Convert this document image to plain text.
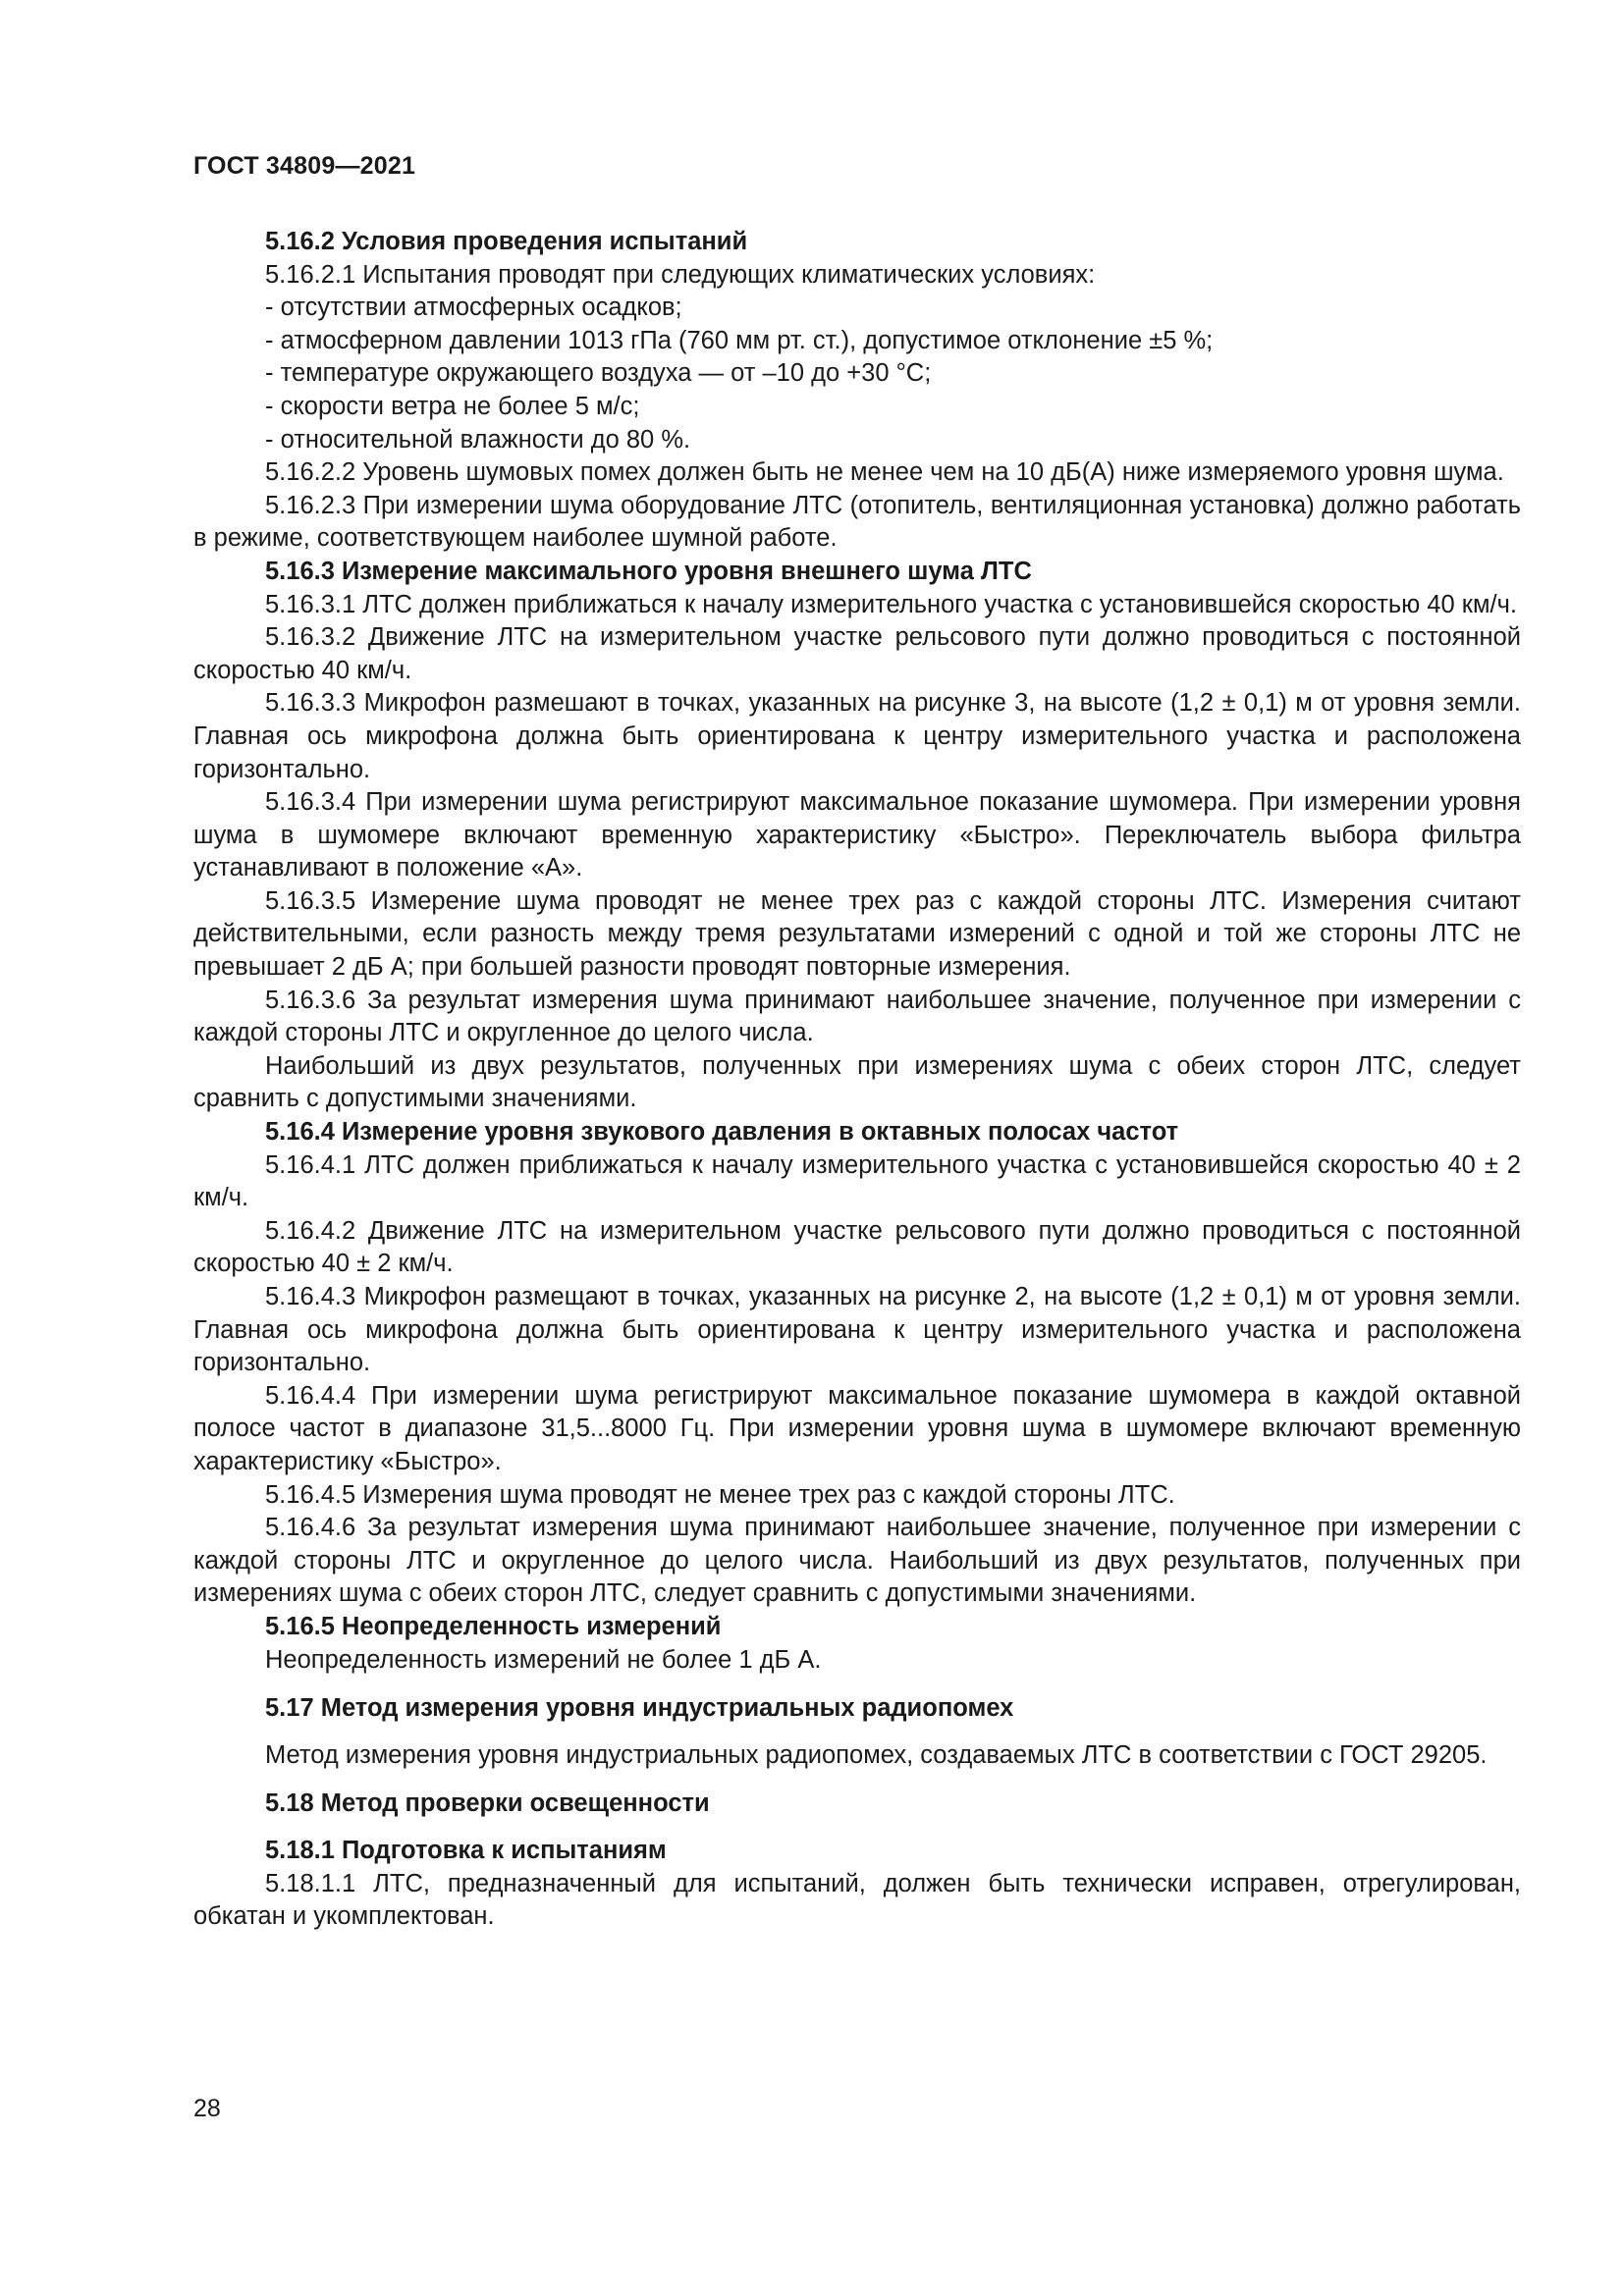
ГОСТ 34809—2021

5.16.2 Условия проведения испытаний

5.16.2.1 Испытания проводят при следующих климатических условиях:

- отсутствии атмосферных осадков;

- атмосферном давлении 1013 гПа (760 мм рт. ст.), допустимое отклонение ±5 %;

- температуре окружающего воздуха — от –10 до +30 °С;

- скорости ветра не более 5 м/с;

- относительной влажности до 80 %.

5.16.2.2 Уровень шумовых помех должен быть не менее чем на 10 дБ(А) ниже измеряемого уровня шума.

5.16.2.3 При измерении шума оборудование ЛТС (отопитель, вентиляционная установка) должно работать в режиме, соответствующем наиболее шумной работе.

5.16.3 Измерение максимального уровня внешнего шума ЛТС

5.16.3.1 ЛТС должен приближаться к началу измерительного участка с установившейся скоростью 40 км/ч.

5.16.3.2 Движение ЛТС на измерительном участке рельсового пути должно проводиться с постоянной скоростью 40 км/ч.

5.16.3.3 Микрофон размешают в точках, указанных на рисунке 3, на высоте (1,2 ± 0,1) м от уровня земли. Главная ось микрофона должна быть ориентирована к центру измерительного участка и расположена горизонтально.

5.16.3.4 При измерении шума регистрируют максимальное показание шумомера. При измерении уровня шума в шумомере включают временную характеристику «Быстро». Переключатель выбора фильтра устанавливают в положение «А».

5.16.3.5 Измерение шума проводят не менее трех раз с каждой стороны ЛТС. Измерения считают действительными, если разность между тремя результатами измерений с одной и той же стороны ЛТС не превышает 2 дБ А; при большей разности проводят повторные измерения.

5.16.3.6 За результат измерения шума принимают наибольшее значение, полученное при измерении с каждой стороны ЛТС и округленное до целого числа.

Наибольший из двух результатов, полученных при измерениях шума с обеих сторон ЛТС, следует сравнить с допустимыми значениями.

5.16.4 Измерение уровня звукового давления в октавных полосах частот

5.16.4.1 ЛТС должен приближаться к началу измерительного участка с установившейся скоростью 40 ± 2 км/ч.

5.16.4.2 Движение ЛТС на измерительном участке рельсового пути должно проводиться с постоянной скоростью 40 ± 2 км/ч.

5.16.4.3 Микрофон размещают в точках, указанных на рисунке 2, на высоте (1,2 ± 0,1) м от уровня земли. Главная ось микрофона должна быть ориентирована к центру измерительного участка и расположена горизонтально.

5.16.4.4 При измерении шума регистрируют максимальное показание шумомера в каждой октавной полосе частот в диапазоне 31,5...8000 Гц. При измерении уровня шума в шумомере включают временную характеристику «Быстро».

5.16.4.5 Измерения шума проводят не менее трех раз с каждой стороны ЛТС.

5.16.4.6 За результат измерения шума принимают наибольшее значение, полученное при измерении с каждой стороны ЛТС и округленное до целого числа. Наибольший из двух результатов, полученных при измерениях шума с обеих сторон ЛТС, следует сравнить с допустимыми значениями.

5.16.5 Неопределенность измерений

Неопределенность измерений не более 1 дБ А.

5.17 Метод измерения уровня индустриальных радиопомех

Метод измерения уровня индустриальных радиопомех, создаваемых ЛТС в соответствии с ГОСТ 29205.

5.18 Метод проверки освещенности

5.18.1 Подготовка к испытаниям

5.18.1.1 ЛТС, предназначенный для испытаний, должен быть технически исправен, отрегулирован, обкатан и укомплектован.

28
